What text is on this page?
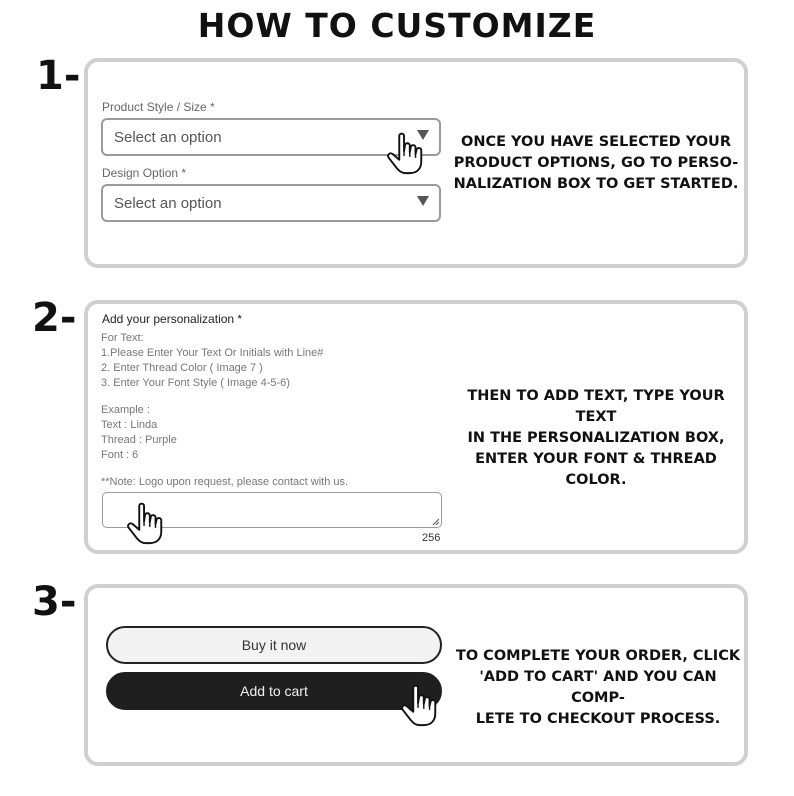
HOW TO CUSTOMIZE
1-
Product Style / Size *
Select an option
Design Option *
Select an option
ONCE YOU HAVE SELECTED YOUR
PRODUCT OPTIONS, GO TO PERSO-
NALIZATION BOX TO GET STARTED.
2- Add your personalization *
For Text:
1.Please Enter Your Text Or Initials with Line#
2. Enter Thread Color ( Image 7 )
3. Enter Your Font Style ( Image 4-5-6)
Example :
Text : Linda
Thread : Purple
Font : 6
**Note: Logo upon request, please contact with us.
256
THEN TO ADD TEXT, TYPE YOUR TEXT
IN THE PERSONALIZATION BOX,
ENTER YOUR FONT & THREAD
COLOR.
3-
Buy it now
Add to cart
TO COMPLETE YOUR ORDER, CLICK
'ADD TO CART' AND YOU CAN COMP-
LETE TO CHECKOUT PROCESS.
